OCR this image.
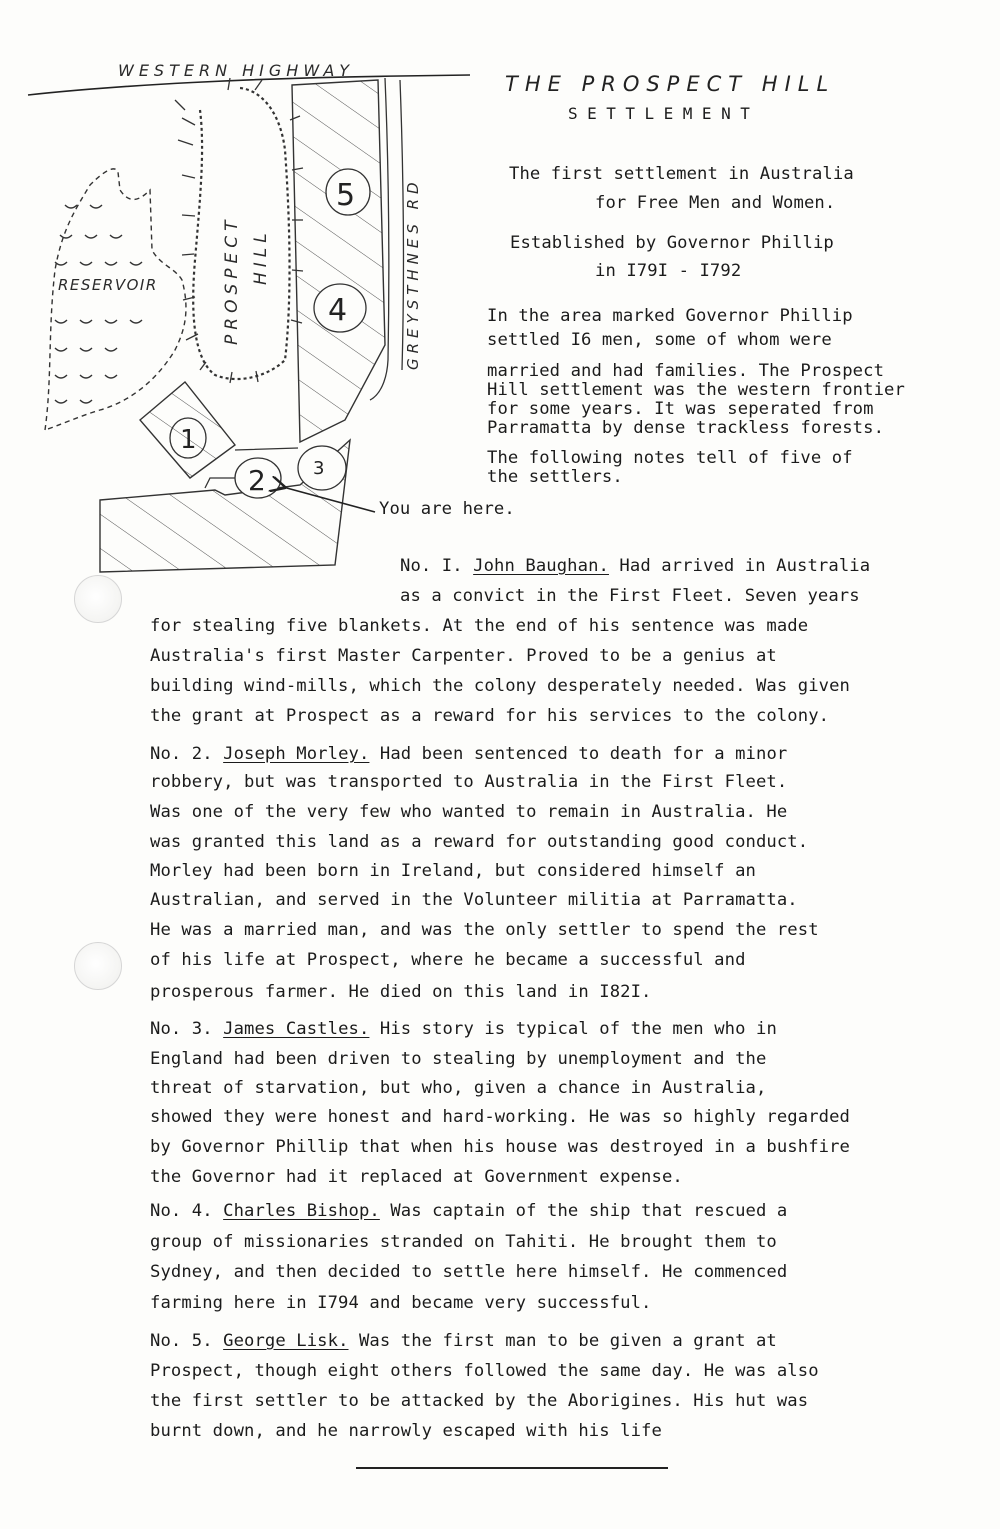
1
2	3
4
5
WESTERN HIGHWAY
RESERVOIR	PROSPECT HILL	GREYSTHNES RD
You are here.
THE PROSPECT HILL
SETTLEMENT
The first settlement in Australia
for Free Men and Women.
Established by Governor Phillip
in I79I - I792
In the area marked Governor Phillip
settled I6 men, some of whom were
married and had families. The Prospect
Hill settlement was the western frontier
for some years. It was seperated from
Parramatta by dense trackless forests.
The following notes tell of five of
the settlers.
No. I. John Baughan. Had arrived in Australia
as a convict in the First Fleet. Seven years
for stealing five blankets. At the end of his sentence was made
Australia's first Master Carpenter. Proved to be a genius at
building wind-mills, which the colony desperately needed. Was given
the grant at Prospect as a reward for his services to the colony.
No. 2. Joseph Morley. Had been sentenced to death for a minor
robbery, but was transported to Australia in the First Fleet.
Was one of the very few who wanted to remain in Australia. He
was granted this land as a reward for outstanding good conduct.
Morley had been born in Ireland, but considered himself an
Australian, and served in the Volunteer militia at Parramatta.
He was a married man, and was the only settler to spend the rest
of his life at Prospect, where he became a successful and
prosperous farmer. He died on this land in I82I.
No. 3. James Castles. His story is typical of the men who in
England had been driven to stealing by unemployment and the
threat of starvation, but who, given a chance in Australia,
showed they were honest and hard-working. He was so highly regarded
by Governor Phillip that when his house was destroyed in a bushfire
the Governor had it replaced at Government expense.
No. 4. Charles Bishop. Was captain of the ship that rescued a
group of missionaries stranded on Tahiti. He brought them to
Sydney, and then decided to settle here himself. He commenced
farming here in I794 and became very successful.
No. 5. George Lisk. Was the first man to be given a grant at
Prospect, though eight others followed the same day. He was also
the first settler to be attacked by the Aborigines. His hut was
burnt down, and he narrowly escaped with his life
